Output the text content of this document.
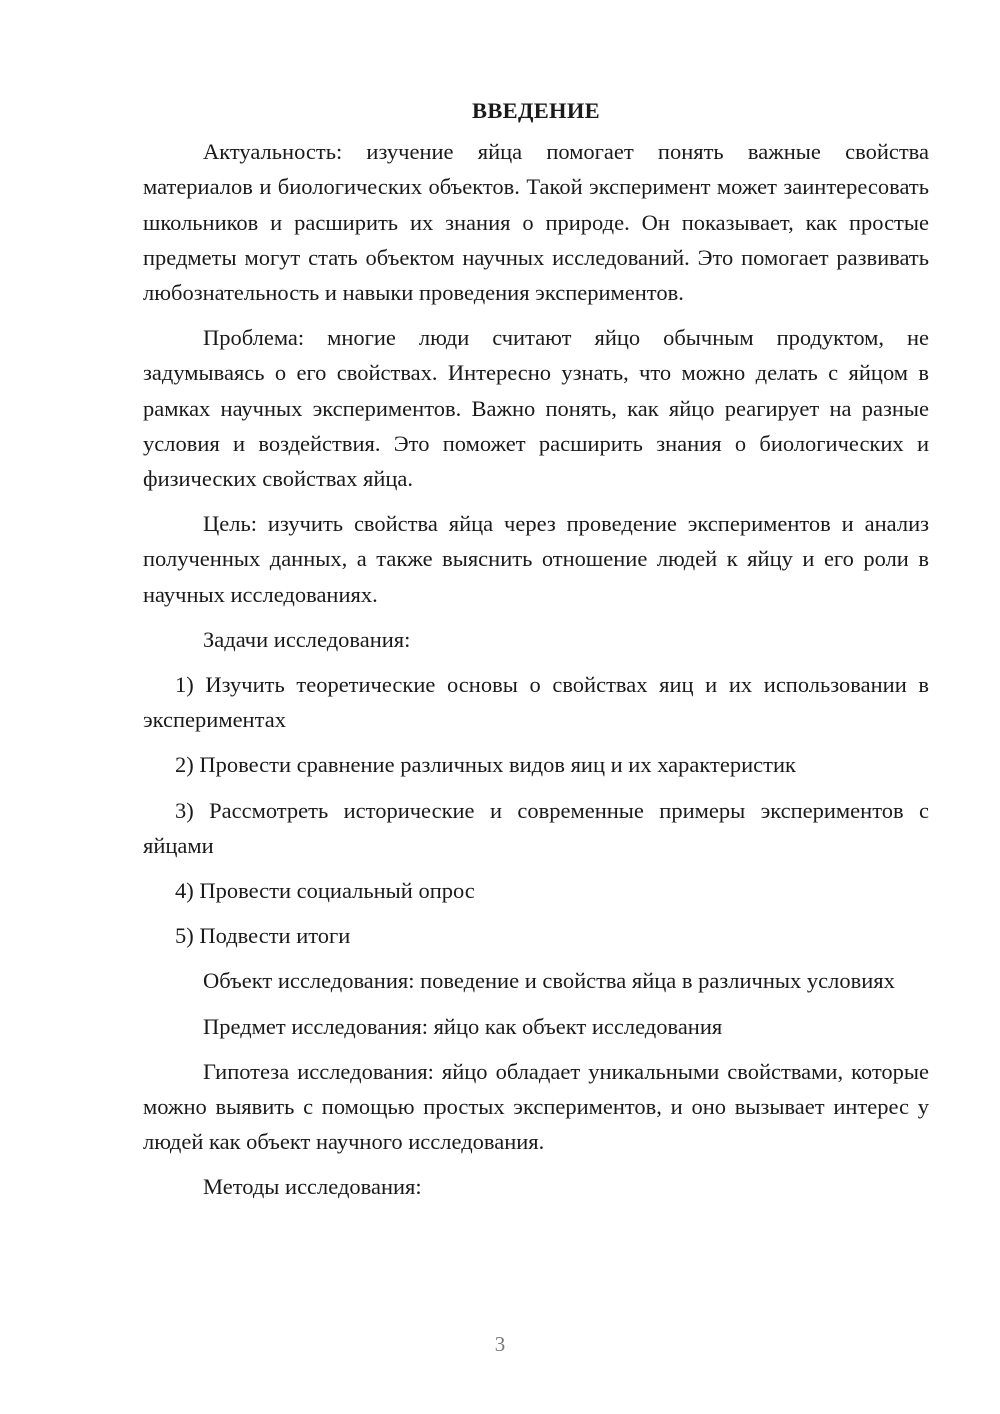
ВВЕДЕНИЕ

Актуальность: изучение яйца помогает понять важные свойства материалов и биологических объектов. Такой эксперимент может заинтересовать школьников и расширить их знания о природе. Он показывает, как простые предметы могут стать объектом научных исследований. Это помогает развивать любознательность и навыки проведения экспериментов.

Проблема: многие люди считают яйцо обычным продуктом, не задумываясь о его свойствах. Интересно узнать, что можно делать с яйцом в рамках научных экспериментов. Важно понять, как яйцо реагирует на разные условия и воздействия. Это поможет расширить знания о биологических и физических свойствах яйца.

Цель: изучить свойства яйца через проведение экспериментов и анализ полученных данных, а также выяснить отношение людей к яйцу и его роли в научных исследованиях.

Задачи исследования:

1) Изучить теоретические основы о свойствах яиц и их использовании в экспериментах

2) Провести сравнение различных видов яиц и их характеристик

3) Рассмотреть исторические и современные примеры экспериментов с яйцами

4) Провести социальный опрос

5) Подвести итоги

Объект исследования: поведение и свойства яйца в различных условиях

Предмет исследования: яйцо как объект исследования

Гипотеза исследования: яйцо обладает уникальными свойствами, которые можно выявить с помощью простых экспериментов, и оно вызывает интерес у людей как объект научного исследования.

Методы исследования:

3
